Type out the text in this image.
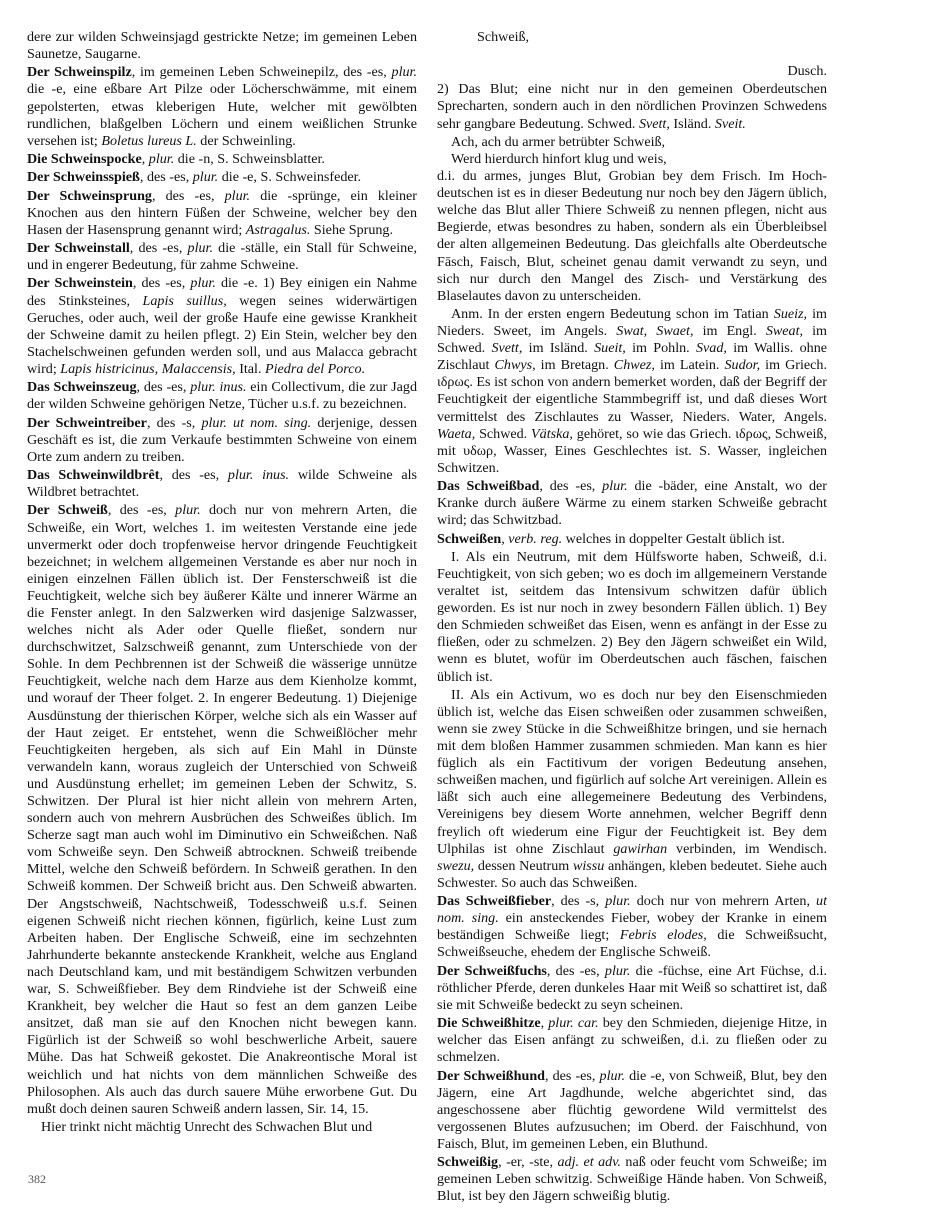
dere zur wilden Schweinsjagd gestrickte Netze; im gemeinen Leben Saunetze, Saugarne.

Der Schweinspilz, im gemeinen Leben Schweinepilz, des -es, plur. die -e, eine eßbare Art Pilze oder Löcherschwämme, mit einem gepolsterten, etwas kleberigen Hute, welcher mit gewölbten rundlichen, blaßgelben Löchern und einem weißlichen Strunke versehen ist; Boletus lureus L. der Schweinling.

Die Schweinspocke, plur. die -n, S. Schweinsblatter.

Der Schweinsspieß, des -es, plur. die -e, S. Schweinsfeder.

Der Schweinsprung, des -es, plur. die -sprünge, ein kleiner Knochen aus den hintern Füßen der Schweine, welcher bey den Hasen der Hasensprung genannt wird; Astragalus. Siehe Sprung.

Der Schweinstall, des -es, plur. die -ställe, ein Stall für Schweine, und in engerer Bedeutung, für zahme Schweine.

Der Schweinstein, des -es, plur. die -e. 1) Bey einigen ein Nahme des Stinksteines, Lapis suillus, wegen seines widerwärtigen Geruches, oder auch, weil der große Haufe eine gewisse Krankheit der Schweine damit zu heilen pflegt. 2) Ein Stein, welcher bey den Stachelschweinen gefunden werden soll, und aus Malacca gebracht wird; Lapis histricinus, Malaccensis, Ital. Piedra del Porco.

Das Schweinszeug, des -es, plur. inus. ein Collectivum, die zur Jagd der wilden Schweine gehörigen Netze, Tücher u.s.f. zu bezeichnen.

Der Schweintreiber, des -s, plur. ut nom. sing. derjenige, dessen Geschäft es ist, die zum Verkaufe bestimmten Schweine von einem Orte zum andern zu treiben.

Das Schweinwildbrêt, des -es, plur. inus. wilde Schweine als Wildbret betrachtet.

Der Schweiß, des -es, plur. doch nur von mehrern Arten, die Schweiße, ein Wort, welches 1. im weitesten Verstande eine jede unvermerkt oder doch tropfenweise hervor dringende Feuchtigkeit bezeichnet; in welchem allgemeinen Verstande es aber nur noch in einigen einzelnen Fällen üblich ist. Der Fensterschweiß ist die Feuchtigkeit, welche sich bey äußerer Kälte und innerer Wärme an die Fenster anlegt. In den Salzwerken wird dasjenige Salzwasser, welches nicht als Ader oder Quelle fließet, sondern nur durchschwitzet, Salzschweiß genannt, zum Unterschiede von der Sohle. In dem Pechbrennen ist der Schweiß die wässerige unnütze Feuchtigkeit, welche nach dem Harze aus dem Kienholze kommt, und worauf der Theer folget. 2. In engerer Bedeutung. 1) Diejenige Ausdünstung der thierischen Körper, welche sich als ein Wasser auf der Haut zeiget. Er entstehet, wenn die Schweißlöcher mehr Feuchtigkeiten hergeben, als sich auf Ein Mahl in Dünste verwandeln kann, woraus zugleich der Unterschied von Schweiß und Ausdünstung erhellet; im gemeinen Leben der Schwitz, S. Schwitzen. Der Plural ist hier nicht allein von mehrern Arten, sondern auch von mehrern Ausbrüchen des Schweißes üblich. Im Scherze sagt man auch wohl im Diminutivo ein Schweißchen. Naß vom Schweiße seyn. Den Schweiß abtrocknen. Schweiß treibende Mittel, welche den Schweiß befördern. In Schweiß gerathen. In den Schweiß kommen. Der Schweiß bricht aus. Den Schweiß abwarten. Der Angstschweiß, Nachtschweiß, Todesschweiß u.s.f. Seinen eigenen Schweiß nicht riechen können, figürlich, keine Lust zum Arbeiten haben. Der Englische Schweiß, eine im sechzehnten Jahrhunderte bekannte ansteckende Krankheit, welche aus England nach Deutschland kam, und mit beständigem Schwitzen verbunden war, S. Schweißfieber. Bey dem Rindviehe ist der Schweiß eine Krankheit, bey welcher die Haut so fest an dem ganzen Leibe ansitzet, daß man sie auf den Knochen nicht bewegen kann. Figürlich ist der Schweiß so wohl beschwerliche Arbeit, sauere Mühe. Das hat Schweiß gekostet. Die Anakreontische Moral ist weichlich und hat nichts von dem männlichen Schweiße des Philosophen. Als auch das durch sauere Mühe erworbene Gut. Du mußt doch deinen sauren Schweiß andern lassen, Sir. 14, 15.

Hier trinkt nicht mächtig Unrecht des Schwachen Blut und

Schweiß,

Dusch.

2) Das Blut; eine nicht nur in den gemeinen Oberdeutschen Sprecharten, sondern auch in den nördlichen Provinzen Schwedens sehr gangbare Bedeutung. Schwed. Svett, Isländ. Sveit.

Ach, ach du armer betrübter Schweiß,

Werd hierdurch hinfort klug und weis,

d.i. du armes, junges Blut, Grobian bey dem Frisch. Im Hochdeutschen ist es in dieser Bedeutung nur noch bey den Jägern üblich, welche das Blut aller Thiere Schweiß zu nennen pflegen, nicht aus Begierde, etwas besondres zu haben, sondern als ein Überbleibsel der alten allgemeinen Bedeutung. Das gleichfalls alte Oberdeutsche Fāsch, Faisch, Blut, scheinet genau damit verwandt zu seyn, und sich nur durch den Mangel des Zisch- und Verstärkung des Blaselautes davon zu unterscheiden.

Anm. In der ersten engern Bedeutung schon im Tatian Sueiz, im Nieders. Sweet, im Angels. Swat, Swaet, im Engl. Sweat, im Schwed. Svett, im Isländ. Sueit, im Pohln. Svad, im Wallis. ohne Zischlaut Chwys, im Bretagn. Chwez, im Latein. Sudor, im Griech. ιδρως. Es ist schon von andern bemerket worden, daß der Begriff der Feuchtigkeit der eigentliche Stammbegriff ist, und daß dieses Wort vermittelst des Zischlautes zu Wasser, Nieders. Water, Angels. Waeta, Schwed. Vätska, gehöret, so wie das Griech. ιδρως, Schweiß, mit υδωρ, Wasser, Eines Geschlechtes ist. S. Wasser, ingleichen Schwitzen.

Das Schweißbad, des -es, plur. die -bäder, eine Anstalt, wo der Kranke durch äußere Wärme zu einem starken Schweiße gebracht wird; das Schwitzbad.

Schweißen, verb. reg. welches in doppelter Gestalt üblich ist.

I. Als ein Neutrum, mit dem Hülfsworte haben, Schweiß, d.i. Feuchtigkeit, von sich geben; wo es doch im allgemeinern Verstande veraltet ist, seitdem das Intensivum schwitzen dafür üblich geworden. Es ist nur noch in zwey besondern Fällen üblich. 1) Bey den Schmieden schweißet das Eisen, wenn es anfängt in der Esse zu fließen, oder zu schmelzen. 2) Bey den Jägern schweißet ein Wild, wenn es blutet, wofür im Oberdeutschen auch fāschen, faischen üblich ist.

II. Als ein Activum, wo es doch nur bey den Eisenschmieden üblich ist, welche das Eisen schweißen oder zusammen schweißen, wenn sie zwey Stücke in die Schweißhitze bringen, und sie hernach mit dem bloßen Hammer zusammen schmieden. Man kann es hier füglich als ein Factitivum der vorigen Bedeutung ansehen, schweißen machen, und figürlich auf solche Art vereinigen. Allein es läßt sich auch eine allegemeinere Bedeutung des Verbindens, Vereinigens bey diesem Worte annehmen, welcher Begriff denn freylich oft wiederum eine Figur der Feuchtigkeit ist. Bey dem Ulphilas ist ohne Zischlaut gawirhan verbinden, im Wendisch. swezu, dessen Neutrum wissu anhängen, kleben bedeutet. Siehe auch Schwester. So auch das Schweißen.

Das Schweißfieber, des -s, plur. doch nur von mehrern Arten, ut nom. sing. ein ansteckendes Fieber, wobey der Kranke in einem beständigen Schweiße liegt; Febris elodes, die Schweißsucht, Schweißseuche, ehedem der Englische Schweiß.

Der Schweißfuchs, des -es, plur. die -füchse, eine Art Füchse, d.i. röthlicher Pferde, deren dunkeles Haar mit Weiß so schattiret ist, daß sie mit Schweiße bedeckt zu seyn scheinen.

Die Schweißhitze, plur. car. bey den Schmieden, diejenige Hitze, in welcher das Eisen anfängt zu schweißen, d.i. zu fließen oder zu schmelzen.

Der Schweißhund, des -es, plur. die -e, von Schweiß, Blut, bey den Jägern, eine Art Jagdhunde, welche abgerichtet sind, das angeschossene aber flüchtig gewordene Wild vermittelst des vergossenen Blutes aufzusuchen; im Oberd. der Faischhund, von Faisch, Blut, im gemeinen Leben, ein Bluthund.

Schweißig, -er, -ste, adj. et adv. naß oder feucht vom Schweiße; im gemeinen Leben schwitzig. Schweißige Hände haben. Von Schweiß, Blut, ist bey den Jägern schweißig blutig.

382
